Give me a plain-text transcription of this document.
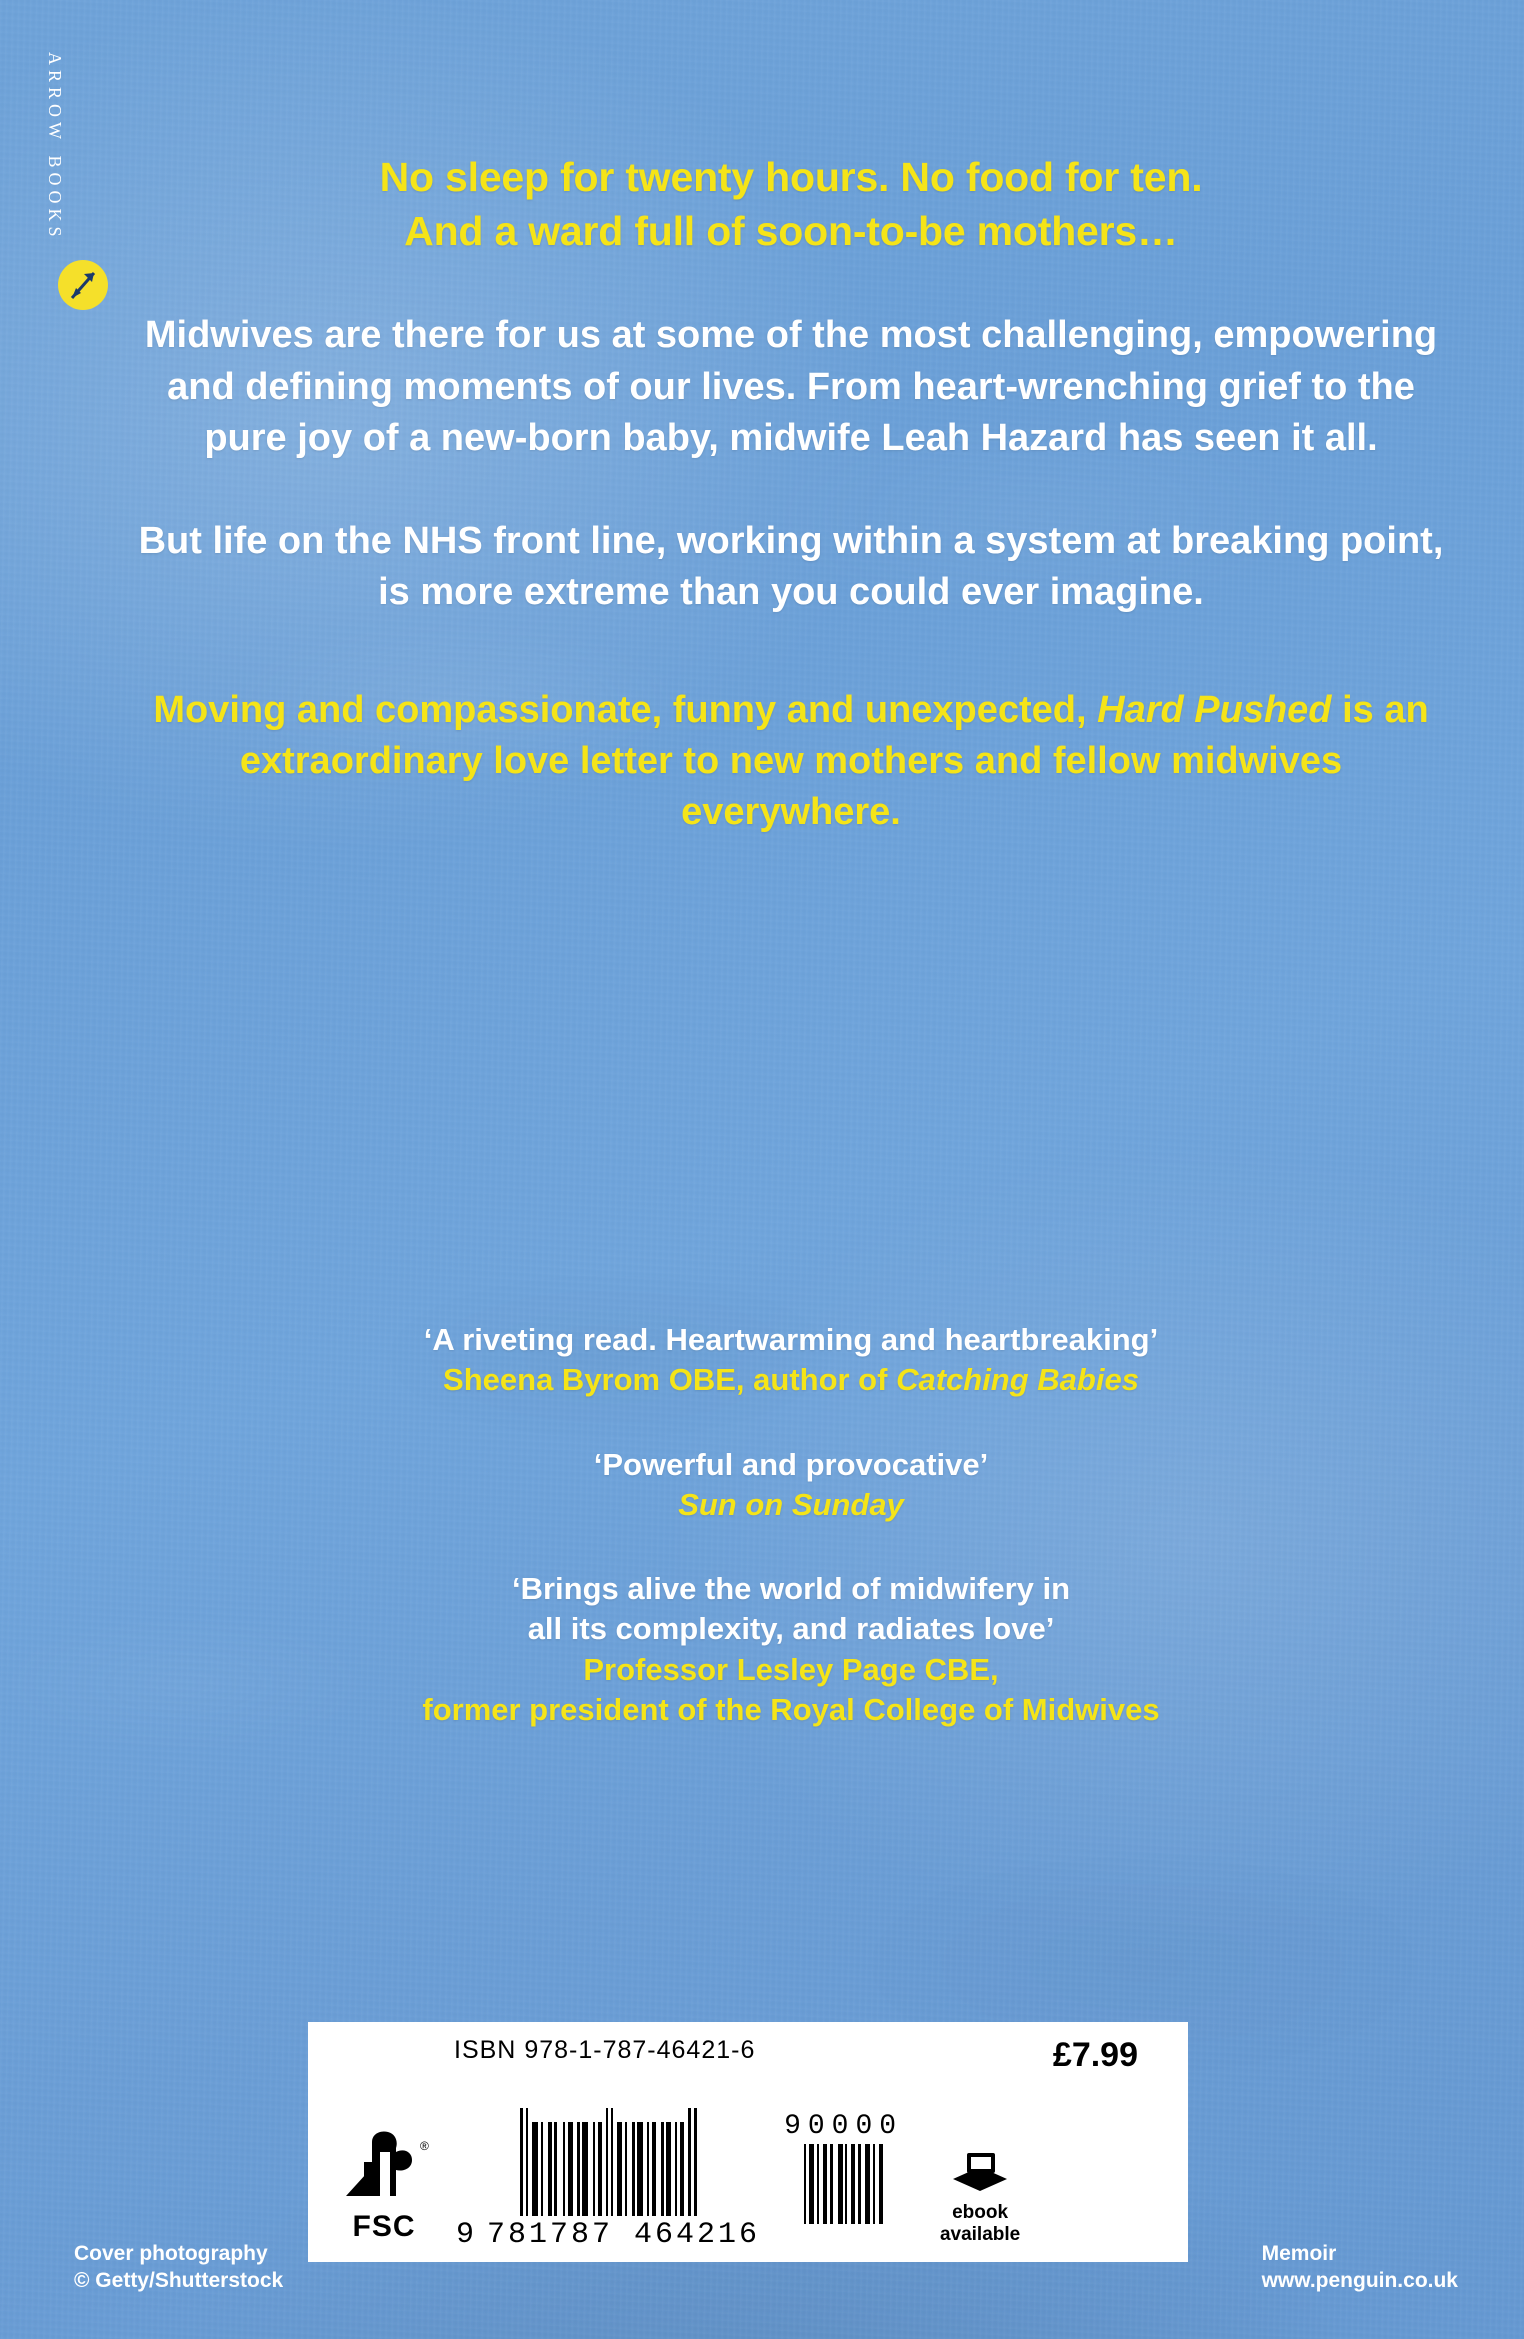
arrow books	No sleep for twenty hours. No food for ten.
And a ward full of soon-to-be mothers…
Midwives are there for us at some of the most challenging, empowering and defining moments of our lives. From heart-wrenching grief to the pure joy of a new-born baby, midwife Leah Hazard has seen it all.
But life on the NHS front line, working within a system at breaking point, is more extreme than you could ever imagine.
Moving and compassionate, funny and unexpected, Hard Pushed is an extraordinary love letter to new mothers and fellow midwives everywhere.
‘A riveting read. Heartwarming and heartbreaking’
Sheena Byrom OBE, author of Catching Babies
‘Powerful and provocative’
Sun on Sunday
‘Brings alive the world of midwifery in
all its complexity, and radiates love’
Professor Lesley Page CBE,
former president of the Royal College of Midwives
ISBN 978-1-787-46421-6	£7.99
®
FSC 9 781787 464216
90000
ebook
available
Cover photography
© Getty/Shutterstock
Memoir
www.penguin.co.uk
